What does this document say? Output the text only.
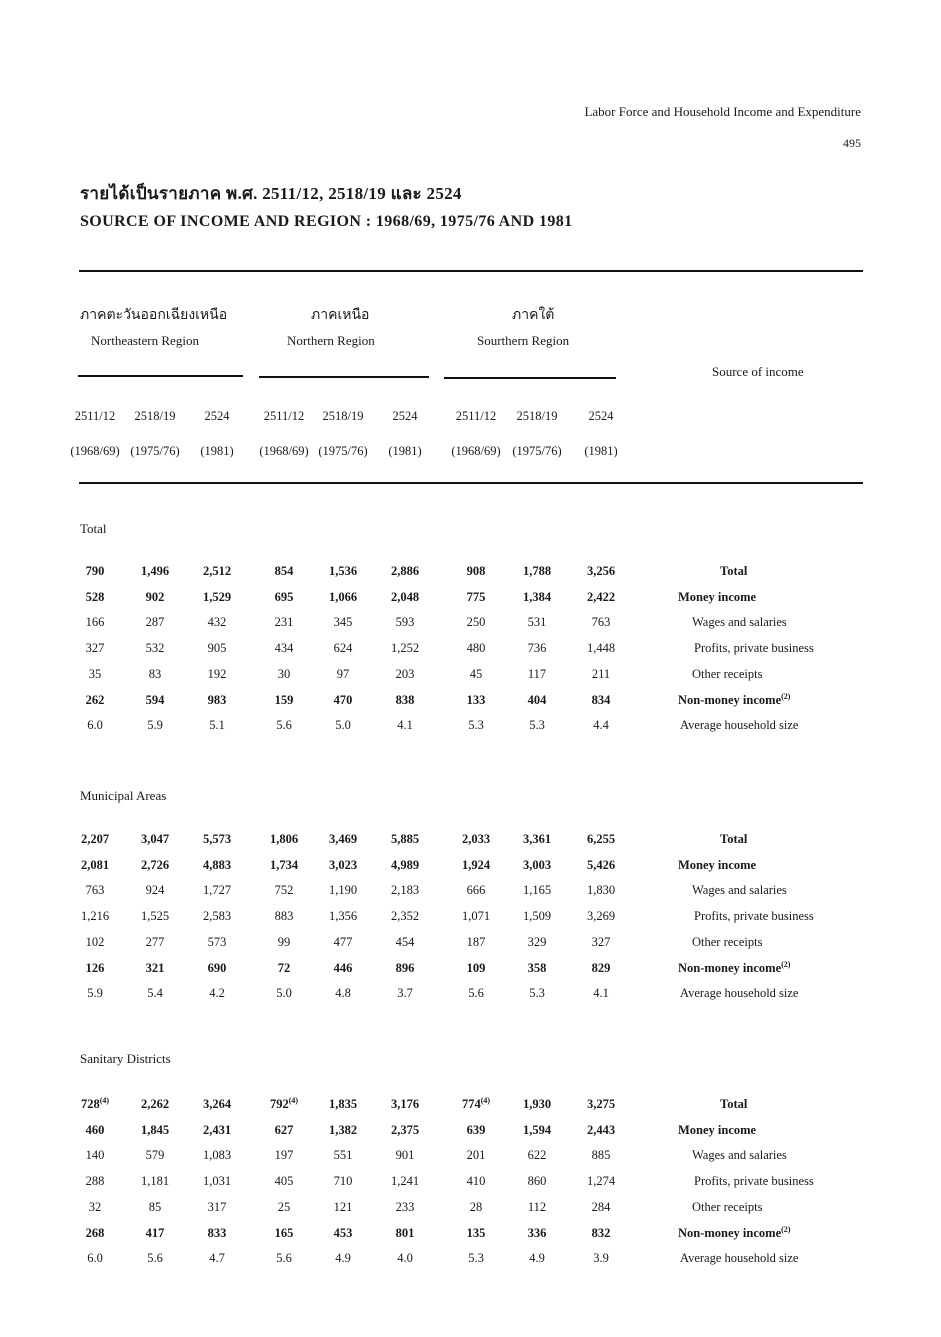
Labor Force and Household Income and Expenditure
495
รายได้เป็นรายภาค พ.ศ. 2511/12, 2518/19 และ 2524
SOURCE OF INCOME AND REGION : 1968/69, 1975/76 AND 1981
ภาคตะวันออกเฉียงเหนือ
Northeastern Region
ภาคเหนือ
Northern Region
ภาคใต้
Sourthern Region
Source of income
2511/12	2518/19	2524	2511/12	2518/19	2524	2511/12	2518/19	2524
(1968/69) (1975/76)	(1981)	(1968/69) (1975/76)	(1981)	(1968/69) (1975/76)	(1981)
Total
790	1,496	2,512	854	1,536	2,886	908	1,788	3,256	Total
528	902	1,529	695	1,066	2,048	775	1,384	2,422	Money income
166	287	432	231	345	593	250	531	763	Wages and salaries
327	532	905	434	624	1,252	480	736	1,448	Profits, private business
35	83	192	30	97	203	45	117	211	Other receipts
262	594	983	159	470	838	133	404	834	Non-money income$^{(2)}$
6.0	5.9	5.1	5.6	5.0	4.1	5.3	5.3	4.4	Average household size
Municipal Areas
2,207	3,047	5,573	1,806	3,469	5,885	2,033	3,361	6,255	Total
2,081	2,726	4,883	1,734	3,023	4,989	1,924	3,003	5,426	Money income
763	924	1,727	752	1,190	2,183	666	1,165	1,830	Wages and salaries
1,216	1,525	2,583	883	1,356	2,352	1,071	1,509	3,269	Profits, private business
102	277	573	99	477	454	187	329	327	Other receipts
126	321	690	72	446	896	109	358	829	Non-money income$^{(2)}$
5.9	5.4	4.2	5.0	4.8	3.7	5.6	5.3	4.1	Average household size
Sanitary Districts
728$^{(4)}$	2,262	3,264	792$^{(4)}$	1,835	3,176	774$^{(4)}$	1,930	3,275	Total
460	1,845	2,431	627	1,382	2,375	639	1,594	2,443	Money income
140	579	1,083	197	551	901	201	622	885	Wages and salaries
288	1,181	1,031	405	710	1,241	410	860	1,274	Profits, private business
32	85	317	25	121	233	28	112	284	Other receipts
268	417	833	165	453	801	135	336	832	Non-money income$^{(2)}$
6.0	5.6	4.7	5.6	4.9	4.0	5.3	4.9	3.9	Average household size
